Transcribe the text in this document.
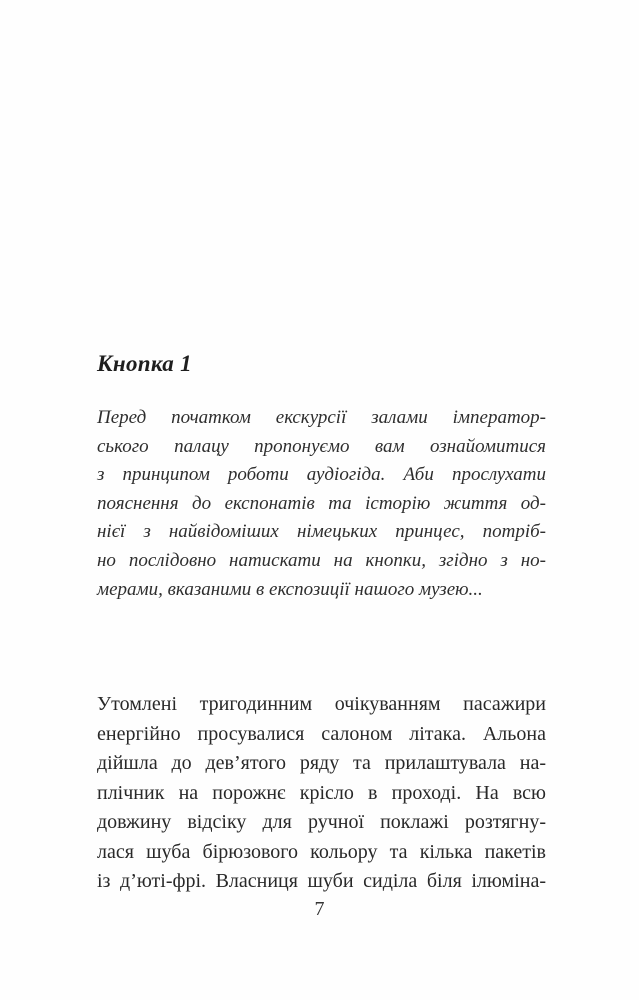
Кнопка 1
Перед початком екскурсії залами імператор-
ського палацу пропонуємо вам ознайомитися
з принципом роботи аудіогіда. Аби прослухати
пояснення до експонатів та історію життя од-
нієї з найвідоміших німецьких принцес, потріб-
но послідовно натискати на кнопки, згідно з но-
мерами, вказаними в експозиції нашого музею...
Утомлені тригодинним очікуванням пасажири
енергійно просувалися салоном літака. Альона
дійшла до дев’ятого ряду та прилаштувала на-
плічник на порожнє крісло в проході. На всю
довжину відсіку для ручної поклажі розтягну-
лася шуба бірюзового кольору та кілька пакетів
із д’юті-фрі. Власниця шуби сиділа біля ілюміна-
7
